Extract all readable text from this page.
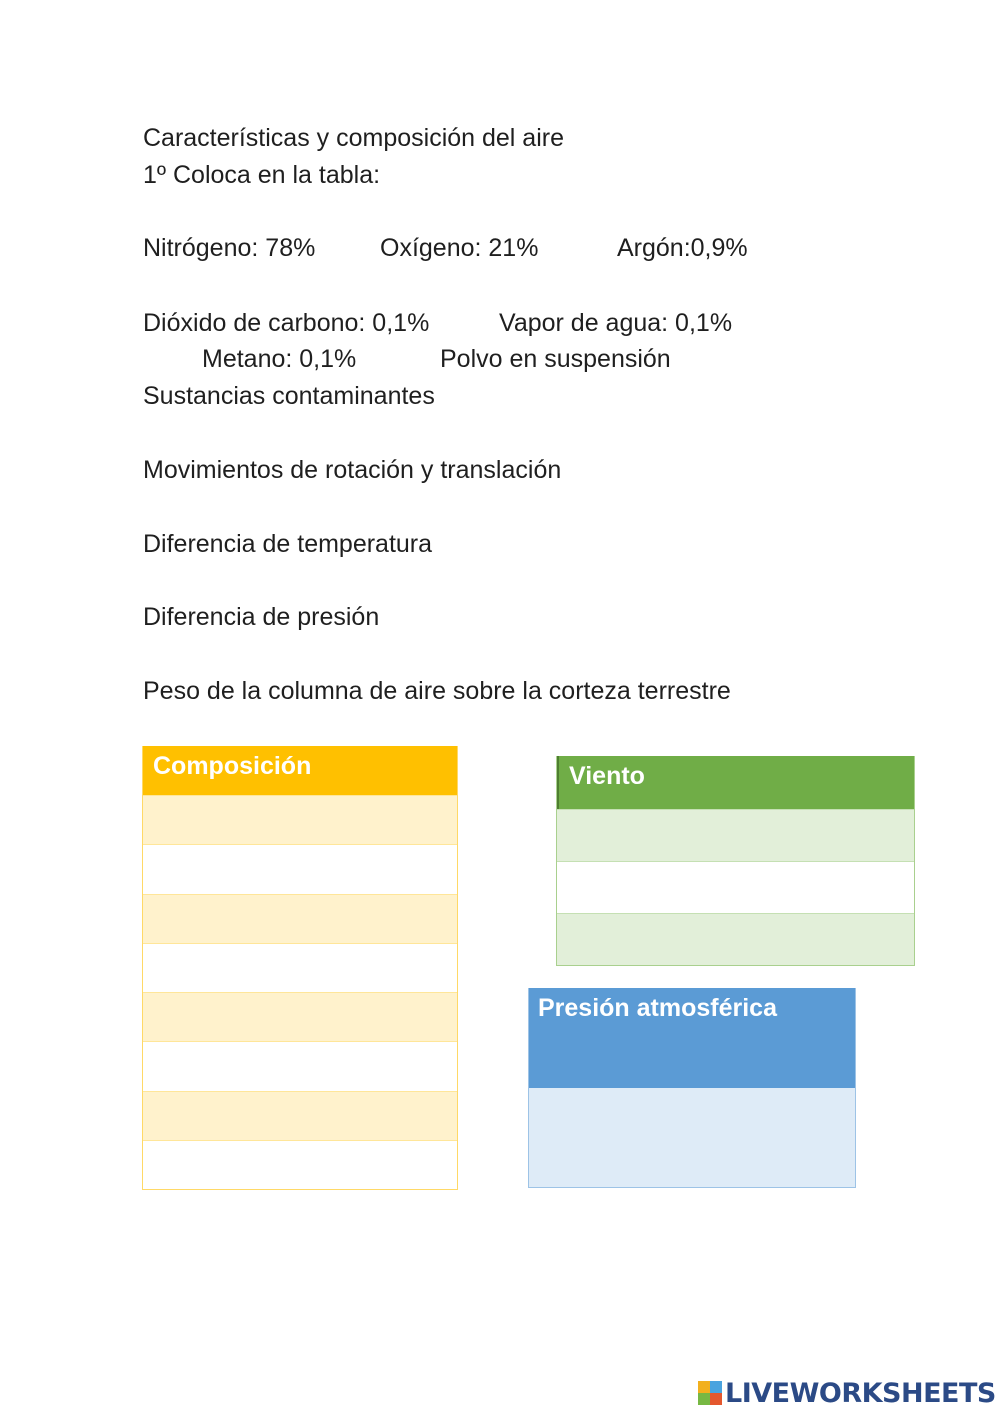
Características y composición del aire
1º Coloca en la tabla:
Nitrógeno: 78%	Oxígeno: 21%	Argón:0,9%
Dióxido de carbono: 0,1%	Vapor de agua: 0,1%
Metano: 0,1%	Polvo en suspensión
Sustancias contaminantes
Movimientos de rotación y translación
Diferencia de temperatura
Diferencia de presión
Peso de la columna de aire sobre la corteza terrestre
Composición	Viento
Presión atmosférica
LIVEWORKSHEETS
